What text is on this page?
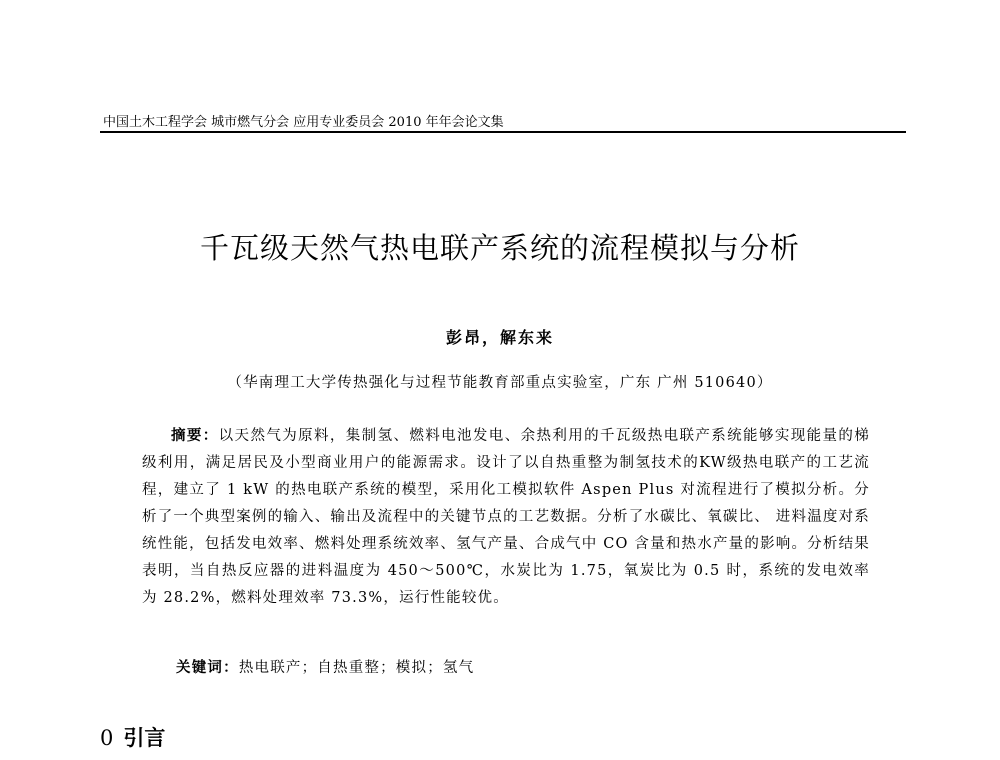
中国土木工程学会 城市燃气分会 应用专业委员会 2010 年年会论文集
千瓦级天然气热电联产系统的流程模拟与分析
彭昂，解东来
（华南理工大学传热强化与过程节能教育部重点实验室，广东 广州 510640）
摘要：以天然气为原料，集制氢、燃料电池发电、余热利用的千瓦级热电联产系统能够实现能量的梯级利用，满足居民及小型商业用户的能源需求。设计了以自热重整为制氢技术的KW级热电联产的工艺流程，建立了 1 kW 的热电联产系统的模型，采用化工模拟软件 Aspen Plus 对流程进行了模拟分析。分析了一个典型案例的输入、输出及流程中的关键节点的工艺数据。分析了水碳比、氧碳比、 进料温度对系统性能，包括发电效率、燃料处理系统效率、氢气产量、合成气中 CO 含量和热水产量的影响。分析结果表明，当自热反应器的进料温度为 450～500℃，水炭比为 1.75，氧炭比为 0.5 时，系统的发电效率为 28.2%，燃料处理效率 73.3%，运行性能较优。
关键词：热电联产；自热重整；模拟；氢气
0 引言
